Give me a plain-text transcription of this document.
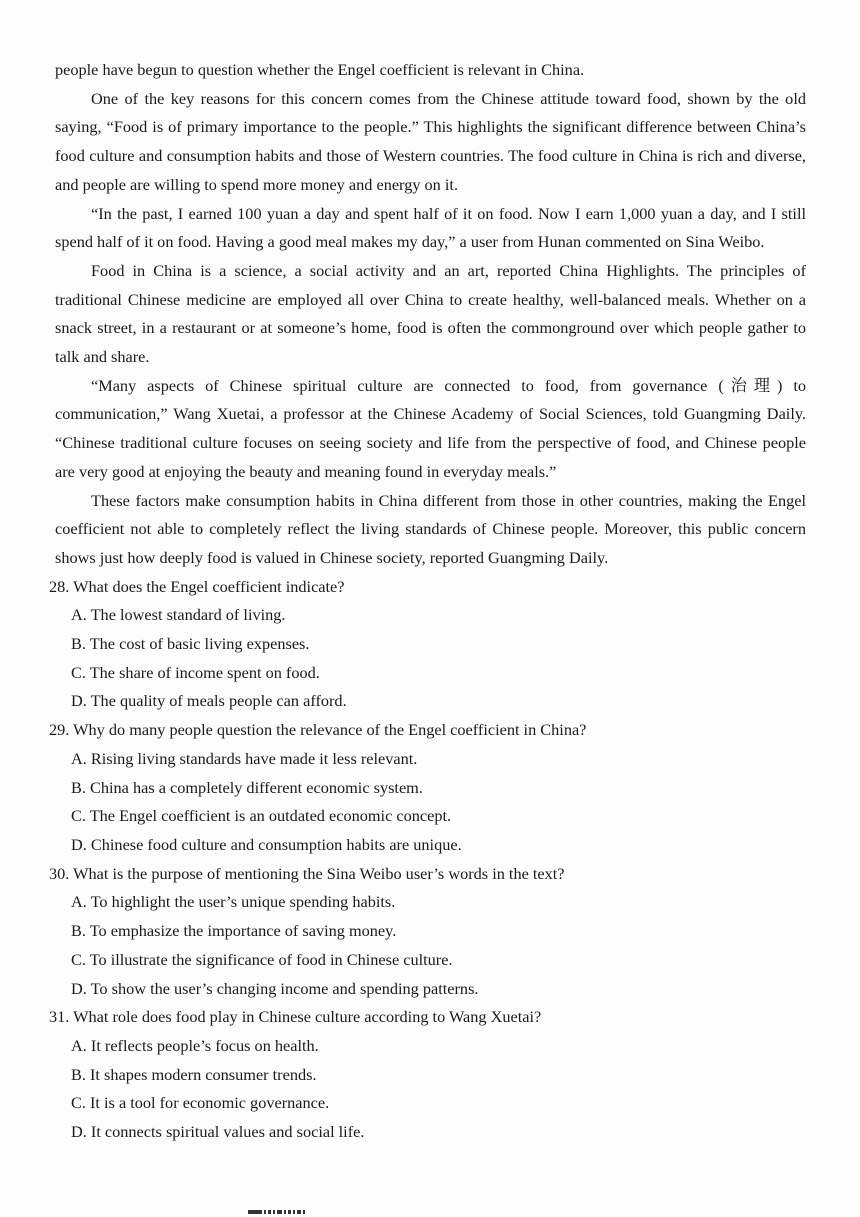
people have begun to question whether the Engel coefficient is relevant in China.

One of the key reasons for this concern comes from the Chinese attitude toward food, shown by the old saying, “Food is of primary importance to the people.” This highlights the significant difference between China’s food culture and consumption habits and those of Western countries. The food culture in China is rich and diverse, and people are willing to spend more money and energy on it.

“In the past, I earned 100 yuan a day and spent half of it on food. Now I earn 1,000 yuan a day, and I still spend half of it on food. Having a good meal makes my day,” a user from Hunan commented on Sina Weibo.

Food in China is a science, a social activity and an art, reported China Highlights. The principles of traditional Chinese medicine are employed all over China to create healthy, well-balanced meals. Whether on a snack street, in a restaurant or at someone’s home, food is often the commonground over which people gather to talk and share.

“Many aspects of Chinese spiritual culture are connected to food, from governance (治理) to communication,” Wang Xuetai, a professor at the Chinese Academy of Social Sciences, told Guangming Daily. “Chinese traditional culture focuses on seeing society and life from the perspective of food, and Chinese people are very good at enjoying the beauty and meaning found in everyday meals.”

These factors make consumption habits in China different from those in other countries, making the Engel coefficient not able to completely reflect the living standards of Chinese people. Moreover, this public concern shows just how deeply food is valued in Chinese society, reported Guangming Daily.

28. What does the Engel coefficient indicate?

A. The lowest standard of living.
B. The cost of basic living expenses.
C. The share of income spent on food.
D. The quality of meals people can afford.

29. Why do many people question the relevance of the Engel coefficient in China?

A. Rising living standards have made it less relevant.
B. China has a completely different economic system.
C. The Engel coefficient is an outdated economic concept.
D. Chinese food culture and consumption habits are unique.

30. What is the purpose of mentioning the Sina Weibo user’s words in the text?

A. To highlight the user’s unique spending habits.
B. To emphasize the importance of saving money.
C. To illustrate the significance of food in Chinese culture.
D. To show the user’s changing income and spending patterns.

31. What role does food play in Chinese culture according to Wang Xuetai?

A. It reflects people’s focus on health.
B. It shapes modern consumer trends.
C. It is a tool for economic governance.
D. It connects spiritual values and social life.
